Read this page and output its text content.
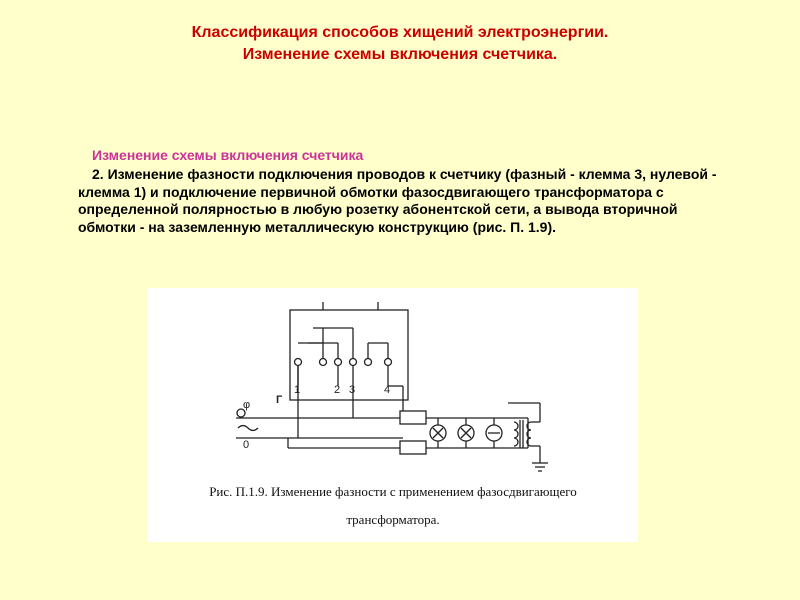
Классификация способов хищений электроэнергии.
Изменение схемы включения счетчика.

Изменение схемы включения счетчика

2. Изменение фазности подключения проводов к счетчику (фазный - клемма 3, нулевой - клемма 1) и подключение первичной обмотки фазосдвигающего трансформатора с определенной полярностью в любую розетку абонентской сети, а вывода вторичной обмотки - на заземленную металлическую конструкцию (рис. П. 1.9).

1	2 3	4
Г
φ
0

Рис. П.1.9. Изменение фазности с применением фазосдвигающего

трансформатора.
